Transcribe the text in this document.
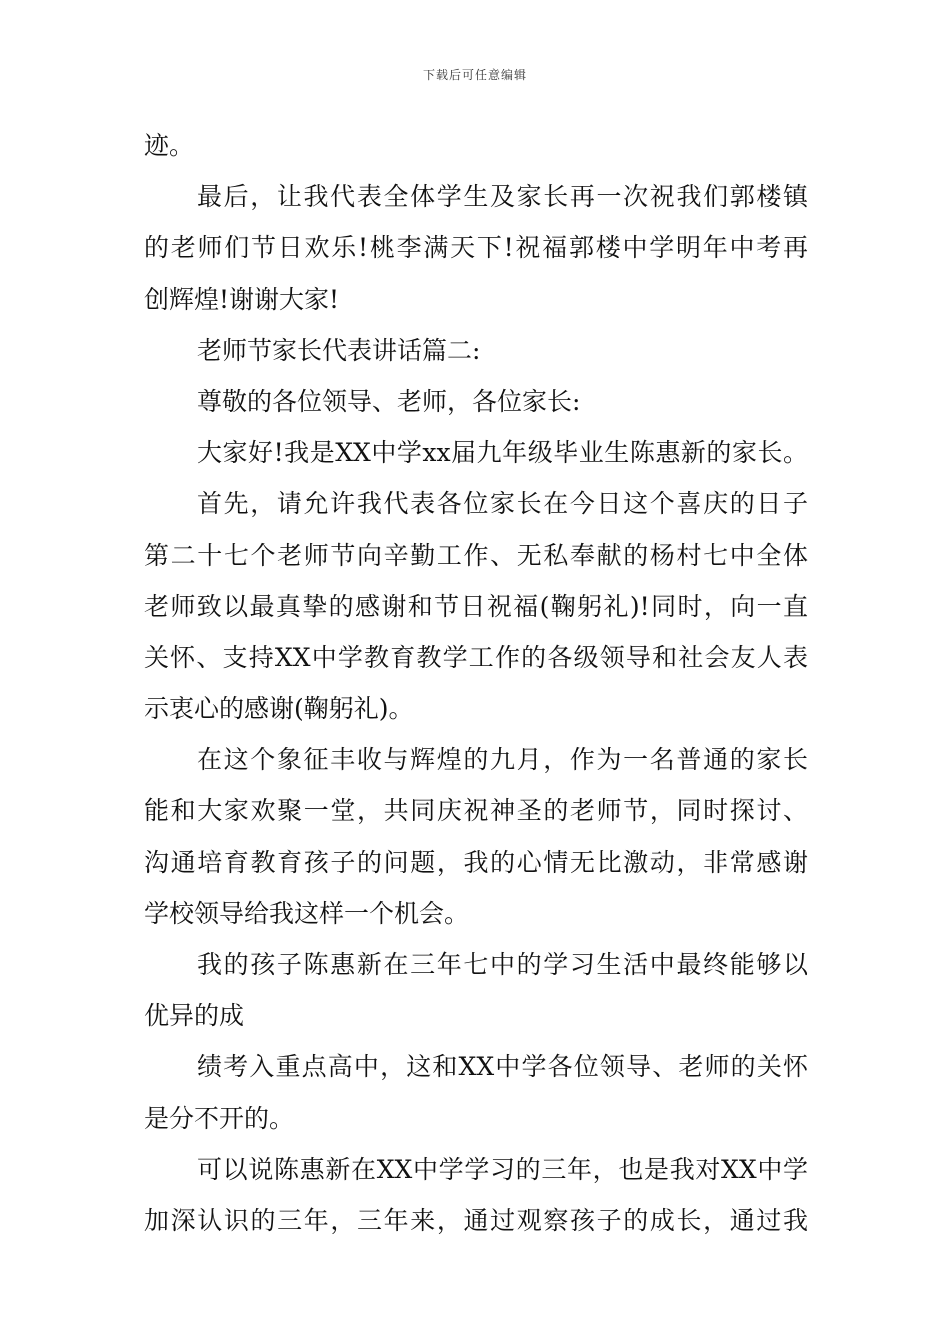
下载后可任意编辑
迹。
最后，让我代表全体学生及家长再一次祝我们郭楼镇
的老师们节日欢乐!桃李满天下!祝福郭楼中学明年中考再
创辉煌!谢谢大家!
老师节家长代表讲话篇二:
尊敬的各位领导、老师，各位家长:
大家好!我是XX中学xx届九年级毕业生陈惠新的家长。
首先，请允许我代表各位家长在今日这个喜庆的日子
第二十七个老师节向辛勤工作、无私奉献的杨村七中全体
老师致以最真挚的感谢和节日祝福(鞠躬礼)!同时，向一直
关怀、支持XX中学教育教学工作的各级领导和社会友人表
示衷心的感谢(鞠躬礼)。
在这个象征丰收与辉煌的九月，作为一名普通的家长
能和大家欢聚一堂，共同庆祝神圣的老师节，同时探讨、
沟通培育教育孩子的问题，我的心情无比激动，非常感谢
学校领导给我这样一个机会。
我的孩子陈惠新在三年七中的学习生活中最终能够以
优异的成
绩考入重点高中，这和XX中学各位领导、老师的关怀
是分不开的。
可以说陈惠新在XX中学学习的三年，也是我对XX中学
加深认识的三年，三年来，通过观察孩子的成长，通过我
